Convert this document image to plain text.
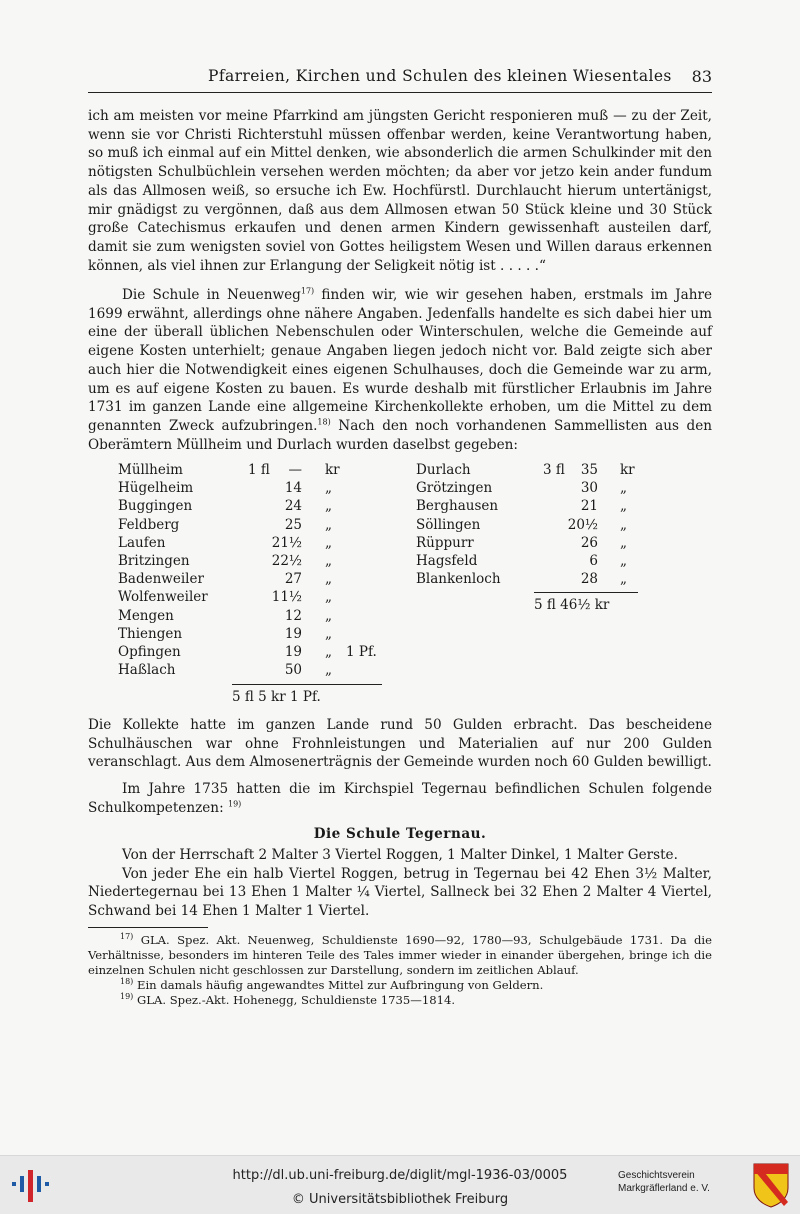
Pfarreien, Kirchen und Schulen des kleinen Wiesentales 83

ich am meisten vor meine Pfarrkind am jüngsten Gericht responieren muß — zu der Zeit, wenn sie vor Christi Richterstuhl müssen offenbar werden, keine Verantwortung haben, so muß ich einmal auf ein Mittel denken, wie absonderlich die armen Schulkinder mit den nötigsten Schulbüchlein versehen werden möchten; da aber vor jetzo kein ander fundum als das Allmosen weiß, so ersuche ich Ew. Hochfürstl. Durchlaucht hierum untertänigst, mir gnädigst zu vergönnen, daß aus dem Allmosen etwan 50 Stück kleine und 30 Stück große Catechismus erkaufen und denen armen Kindern gewissenhaft austeilen darf, damit sie zum wenigsten soviel von Gottes heiligstem Wesen und Willen daraus erkennen können, als viel ihnen zur Erlangung der Seligkeit nötig ist . . . . .“

Die Schule in Neuenweg$^{17)}$ finden wir, wie wir gesehen haben, erstmals im Jahre 1699 erwähnt, allerdings ohne nähere Angaben. Jedenfalls handelte es sich dabei hier um eine der überall üblichen Nebenschulen oder Winterschulen, welche die Gemeinde auf eigene Kosten unterhielt; genaue Angaben liegen jedoch nicht vor. Bald zeigte sich aber auch hier die Notwendigkeit eines eigenen Schulhauses, doch die Gemeinde war zu arm, um es auf eigene Kosten zu bauen. Es wurde deshalb mit fürstlicher Erlaubnis im Jahre 1731 im ganzen Lande eine allgemeine Kirchenkollekte erhoben, um die Mittel zu dem genannten Zweck aufzubringen.$^{18)}$ Nach den noch vorhandenen Sammellisten aus den Oberämtern Müllheim und Durlach wurden daselbst gegeben:

Müllheim	1 fl	— kr
Hügelheim	14 „
Buggingen	24 „
Feldberg	25 „
Laufen	21½ „
Britzingen	22½ „
Badenweiler	27 „
Wolfenweiler	11½ „
Mengen	12 „
Thiengen	19 „
Opfingen	19 „ 1 Pf.
Haßlach	50 „
5 fl 5 kr 1 Pf.
Durlach	3 fl	35 kr
Grötzingen	30 „
Berghausen	21 „
Söllingen	20½ „
Rüppurr	26 „
Hagsfeld	6 „
Blankenloch	28 „
5 fl 46½ kr

Die Kollekte hatte im ganzen Lande rund 50 Gulden erbracht. Das bescheidene Schulhäuschen war ohne Frohnleistungen und Materialien auf nur 200 Gulden veranschlagt. Aus dem Almosenerträgnis der Gemeinde wurden noch 60 Gulden bewilligt.

Im Jahre 1735 hatten die im Kirchspiel Tegernau befindlichen Schulen folgende Schulkompetenzen: $^{19)}$

Die Schule Tegernau.

Von der Herrschaft 2 Malter 3 Viertel Roggen, 1 Malter Dinkel, 1 Malter Gerste.

Von jeder Ehe ein halb Viertel Roggen, betrug in Tegernau bei 42 Ehen 3½ Malter, Niedertegernau bei 13 Ehen 1 Malter ¼ Viertel, Sallneck bei 32 Ehen 2 Malter 4 Viertel, Schwand bei 14 Ehen 1 Malter 1 Viertel.

$^{17)}$ GLA. Spez. Akt. Neuenweg, Schuldienste 1690—92, 1780—93, Schulgebäude 1731. Da die Verhältnisse, besonders im hinteren Teile des Tales immer wieder in einander übergehen, bringe ich die einzelnen Schulen nicht geschlossen zur Darstellung, sondern im zeitlichen Ablauf.

$^{18)}$ Ein damals häufig angewandtes Mittel zur Aufbringung von Geldern.

$^{19)}$ GLA. Spez.-Akt. Hohenegg, Schuldienste 1735—1814.

http://dl.ub.uni-freiburg.de/diglit/mgl-1936-03/0005
© Universitätsbibliothek Freiburg
Geschichtsverein
Markgräflerland e. V.
